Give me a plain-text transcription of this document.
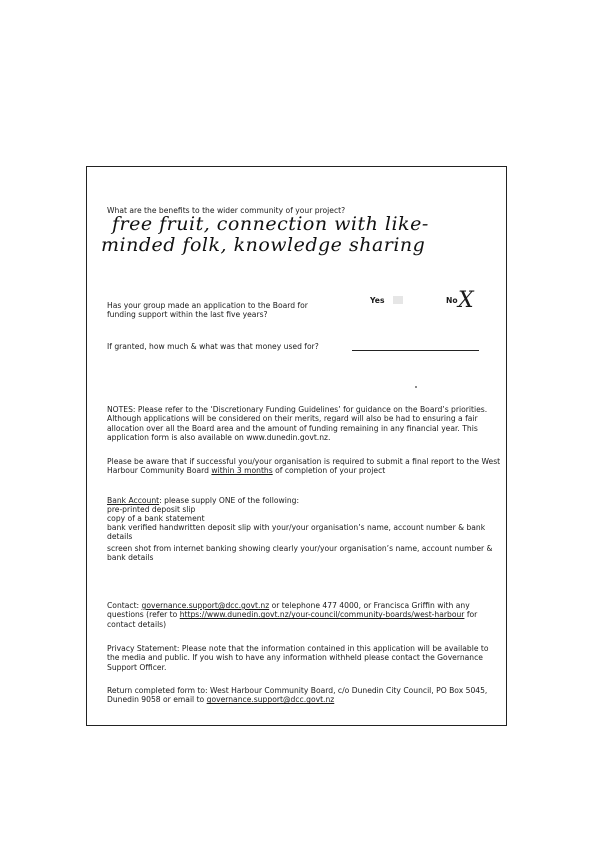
What are the benefits to the wider community of your project?
free fruit, connection with like-
minded folk, knowledge sharing
Has your group made an application to the Board for
funding support within the last five years?
Yes	No X
If granted, how much & what was that money used for?
NOTES: Please refer to the ‘Discretionary Funding Guidelines’ for guidance on the Board’s priorities. Although applications will be considered on their merits, regard will also be had to ensuring a fair allocation over all the Board area and the amount of funding remaining in any financial year. This application form is also available on www.dunedin.govt.nz.
Please be aware that if successful you/your organisation is required to submit a final report to the West Harbour Community Board within 3 months of completion of your project
Bank Account: please supply ONE of the following:
pre-printed deposit slip
copy of a bank statement
bank verified handwritten deposit slip with your/your organisation’s name, account number & bank details
screen shot from internet banking showing clearly your/your organisation’s name, account number & bank details
Contact: governance.support@dcc.govt.nz or telephone 477 4000, or Francisca Griffin with any questions (refer to https://www.dunedin.govt.nz/your-council/community-boards/west-harbour for contact details)
Privacy Statement: Please note that the information contained in this application will be available to the media and public. If you wish to have any information withheld please contact the Governance Support Officer.
Return completed form to: West Harbour Community Board, c/o Dunedin City Council, PO Box 5045, Dunedin 9058 or email to governance.support@dcc.govt.nz
